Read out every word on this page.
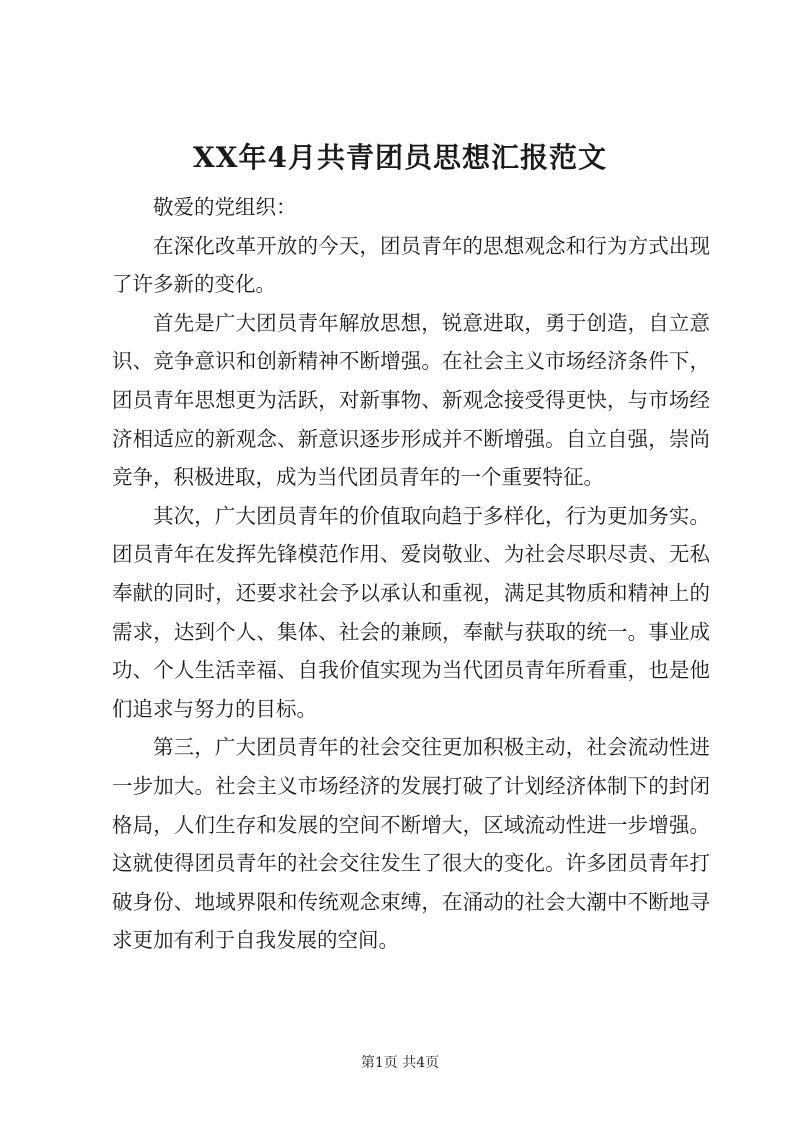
XX年4月共青团员思想汇报范文

敬爱的党组织：

在深化改革开放的今天，团员青年的思想观念和行为方式出现了许多新的变化。

首先是广大团员青年解放思想，锐意进取，勇于创造，自立意识、竞争意识和创新精神不断增强。在社会主义市场经济条件下，团员青年思想更为活跃，对新事物、新观念接受得更快，与市场经济相适应的新观念、新意识逐步形成并不断增强。自立自强，崇尚竞争，积极进取，成为当代团员青年的一个重要特征。

其次，广大团员青年的价值取向趋于多样化，行为更加务实。团员青年在发挥先锋模范作用、爱岗敬业、为社会尽职尽责、无私奉献的同时，还要求社会予以承认和重视，满足其物质和精神上的需求，达到个人、集体、社会的兼顾，奉献与获取的统一。事业成功、个人生活幸福、自我价值实现为当代团员青年所看重，也是他们追求与努力的目标。

第三，广大团员青年的社会交往更加积极主动，社会流动性进一步加大。社会主义市场经济的发展打破了计划经济体制下的封闭格局，人们生存和发展的空间不断增大，区域流动性进一步增强。这就使得团员青年的社会交往发生了很大的变化。许多团员青年打破身份、地域界限和传统观念束缚，在涌动的社会大潮中不断地寻求更加有利于自我发展的空间。

第1页 共4页
